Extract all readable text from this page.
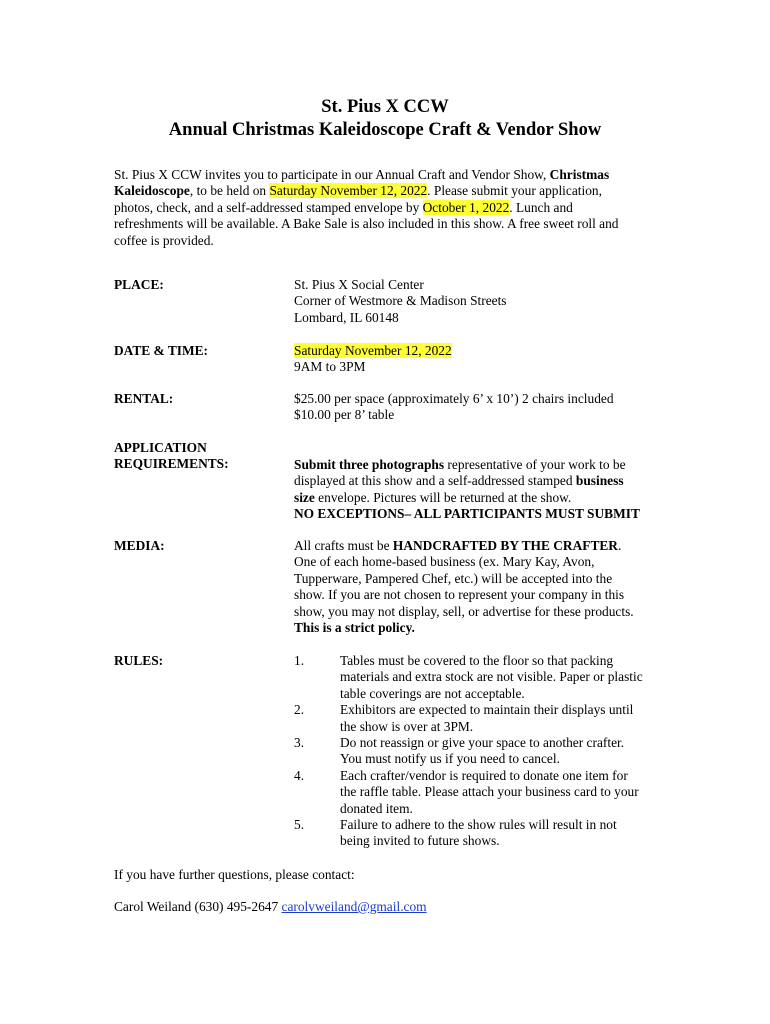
St. Pius X CCW
Annual Christmas Kaleidoscope Craft & Vendor Show
St. Pius X CCW invites you to participate in our Annual Craft and Vendor Show, Christmas
Kaleidoscope, to be held on Saturday November 12, 2022. Please submit your application,
photos, check, and a self-addressed stamped envelope by October 1, 2022. Lunch and
refreshments will be available. A Bake Sale is also included in this show. A free sweet roll and
coffee is provided.
PLACE:	St. Pius X Social Center
Corner of Westmore & Madison Streets
Lombard, IL 60148
DATE & TIME:	Saturday November 12, 2022
9AM to 3PM
RENTAL:	$25.00 per space (approximately 6’ x 10’) 2 chairs included
$10.00 per 8’ table
APPLICATION
REQUIREMENTS:	Submit three photographs representative of your work to be
displayed at this show and a self-addressed stamped business
size envelope. Pictures will be returned at the show.
NO EXCEPTIONS– ALL PARTICIPANTS MUST SUBMIT
MEDIA:	All crafts must be HANDCRAFTED BY THE CRAFTER.
One of each home-based business (ex. Mary Kay, Avon,
Tupperware, Pampered Chef, etc.) will be accepted into the
show. If you are not chosen to represent your company in this
show, you may not display, sell, or advertise for these products.
This is a strict policy.
RULES:	1.	Tables must be covered to the floor so that packing
materials and extra stock are not visible. Paper or plastic
table coverings are not acceptable.
2.	Exhibitors are expected to maintain their displays until
the show is over at 3PM.
3.	Do not reassign or give your space to another crafter.
You must notify us if you need to cancel.
4.	Each crafter/vendor is required to donate one item for
the raffle table. Please attach your business card to your
donated item.
5.	Failure to adhere to the show rules will result in not
being invited to future shows.
If you have further questions, please contact:
Carol Weiland (630) 495-2647 carolvweiland@gmail.com
